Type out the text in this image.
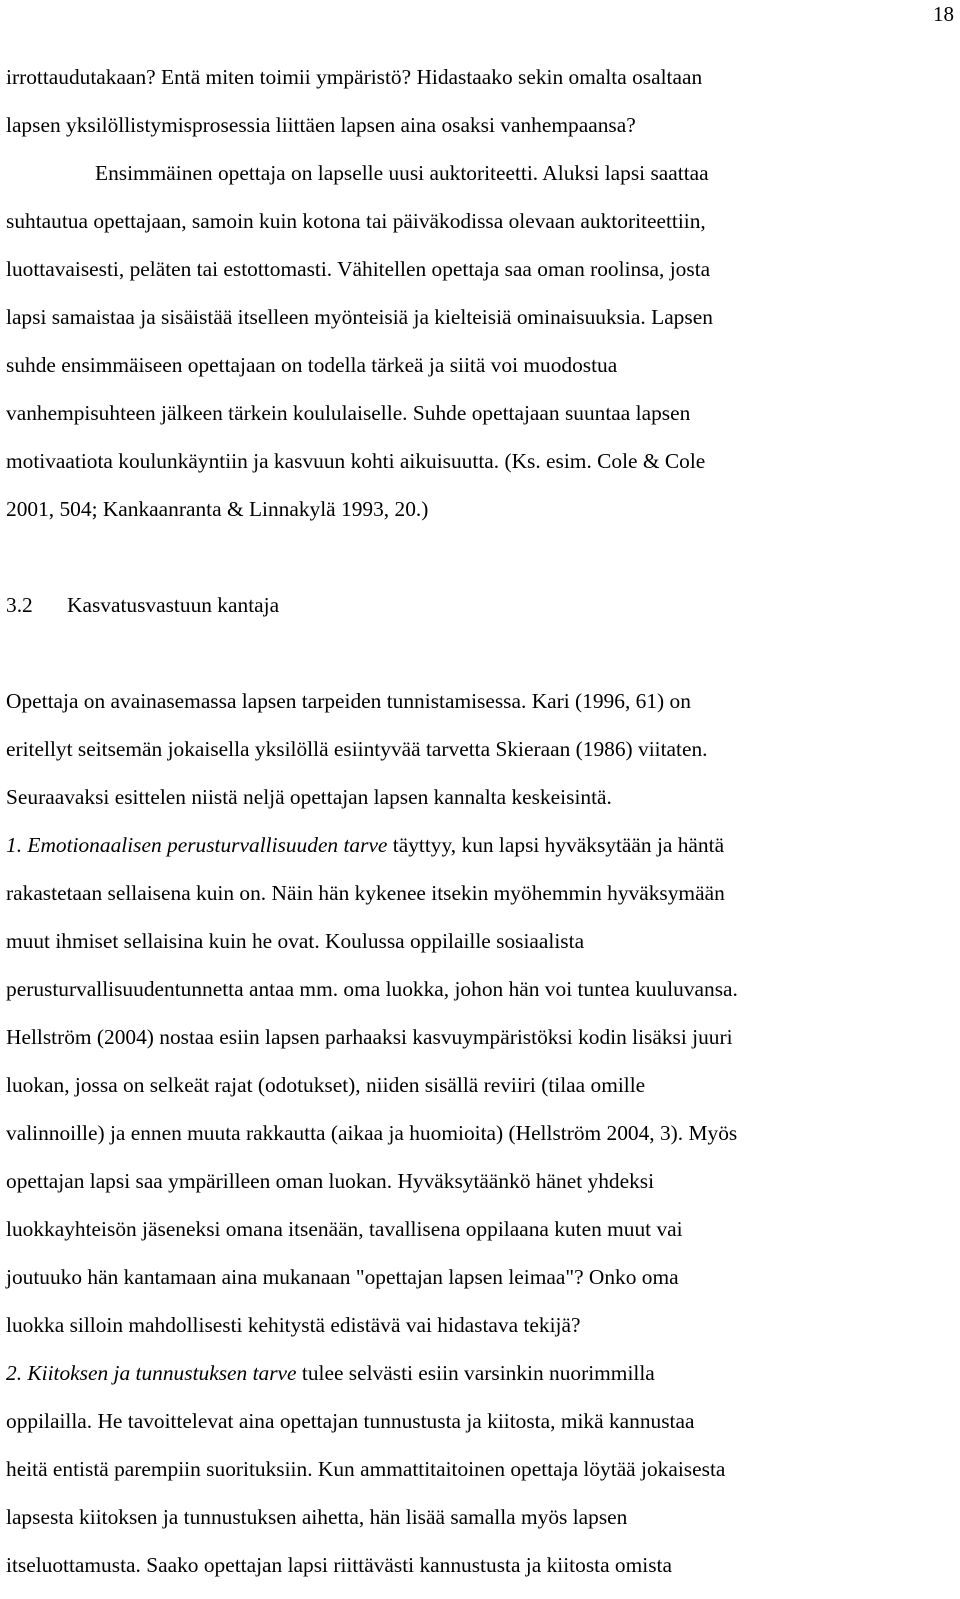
18

irrottaudutakaan? Entä miten toimii ympäristö? Hidastaako sekin omalta osaltaan

lapsen yksilöllistymisprosessia liittäen lapsen aina osaksi vanhempaansa?

Ensimmäinen opettaja on lapselle uusi auktoriteetti. Aluksi lapsi saattaa

suhtautua opettajaan, samoin kuin kotona tai päiväkodissa olevaan auktoriteettiin,

luottavaisesti, peläten tai estottomasti. Vähitellen opettaja saa oman roolinsa, josta

lapsi samaistaa ja sisäistää itselleen myönteisiä ja kielteisiä ominaisuuksia. Lapsen

suhde ensimmäiseen opettajaan on todella tärkeä ja siitä voi muodostua

vanhempisuhteen jälkeen tärkein koululaiselle. Suhde opettajaan suuntaa lapsen

motivaatiota koulunkäyntiin ja kasvuun kohti aikuisuutta. (Ks. esim. Cole & Cole

2001, 504; Kankaanranta & Linnakylä 1993, 20.)

3.2	Kasvatusvastuun kantaja

Opettaja on avainasemassa lapsen tarpeiden tunnistamisessa. Kari (1996, 61) on

eritellyt seitsemän jokaisella yksilöllä esiintyvää tarvetta Skieraan (1986) viitaten.

Seuraavaksi esittelen niistä neljä opettajan lapsen kannalta keskeisintä.

1. Emotionaalisen perusturvallisuuden tarve täyttyy, kun lapsi hyväksytään ja häntä

rakastetaan sellaisena kuin on. Näin hän kykenee itsekin myöhemmin hyväksymään

muut ihmiset sellaisina kuin he ovat. Koulussa oppilaille sosiaalista

perusturvallisuudentunnetta antaa mm. oma luokka, johon hän voi tuntea kuuluvansa.

Hellström (2004) nostaa esiin lapsen parhaaksi kasvuympäristöksi kodin lisäksi juuri

luokan, jossa on selkeät rajat (odotukset), niiden sisällä reviiri (tilaa omille

valinnoille) ja ennen muuta rakkautta (aikaa ja huomioita) (Hellström 2004, 3). Myös

opettajan lapsi saa ympärilleen oman luokan. Hyväksytäänkö hänet yhdeksi

luokkayhteisön jäseneksi omana itsenään, tavallisena oppilaana kuten muut vai

joutuuko hän kantamaan aina mukanaan "opettajan lapsen leimaa"? Onko oma

luokka silloin mahdollisesti kehitystä edistävä vai hidastava tekijä?

2. Kiitoksen ja tunnustuksen tarve tulee selvästi esiin varsinkin nuorimmilla

oppilailla. He tavoittelevat aina opettajan tunnustusta ja kiitosta, mikä kannustaa

heitä entistä parempiin suorituksiin. Kun ammattitaitoinen opettaja löytää jokaisesta

lapsesta kiitoksen ja tunnustuksen aihetta, hän lisää samalla myös lapsen

itseluottamusta. Saako opettajan lapsi riittävästi kannustusta ja kiitosta omista
